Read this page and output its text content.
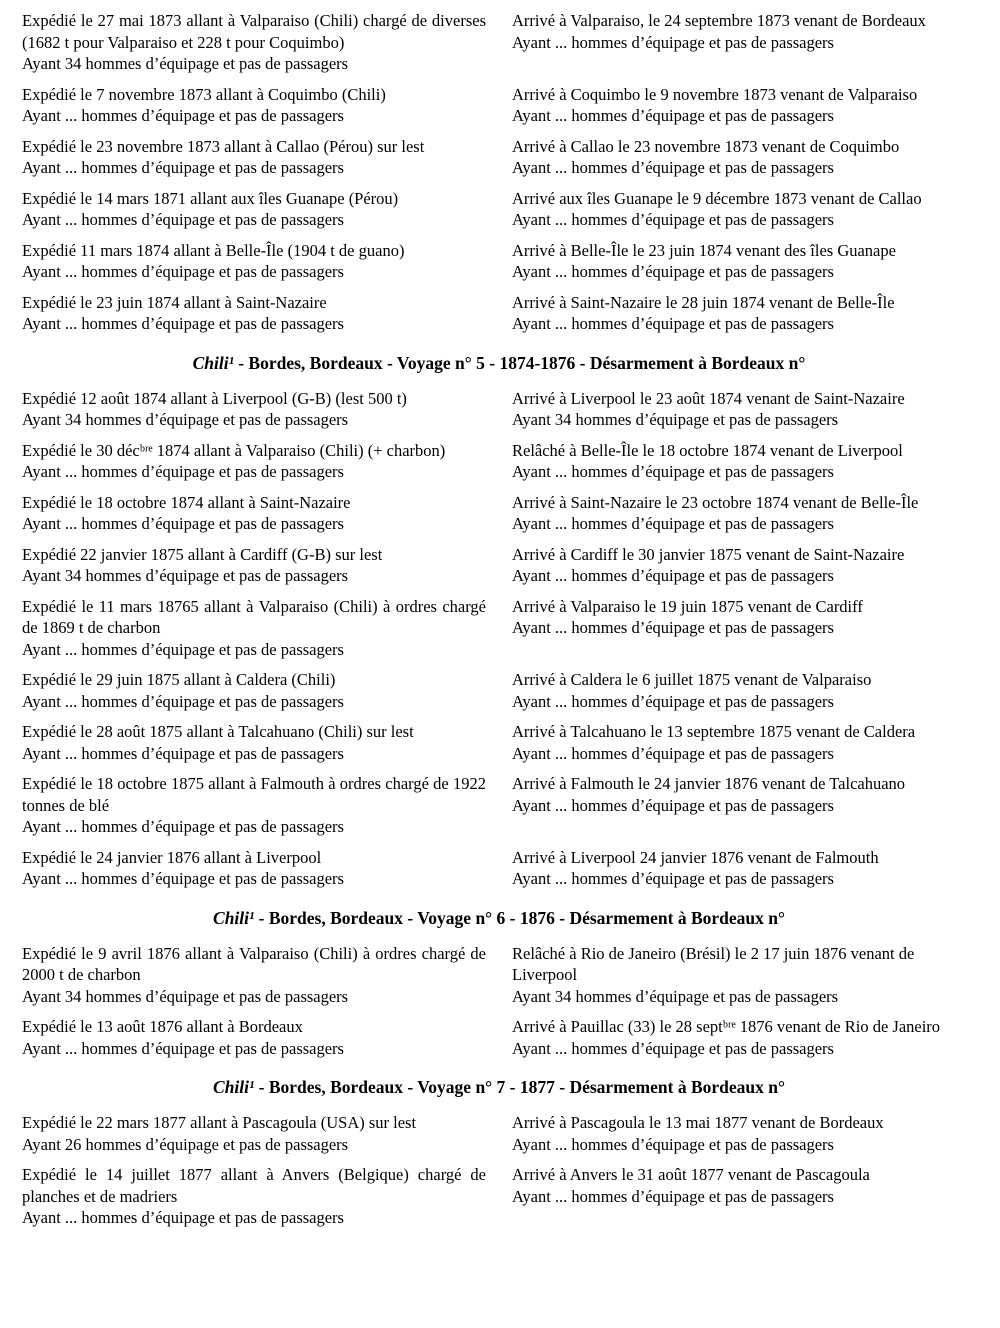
Expédié le 27 mai 1873 allant à Valparaiso (Chili) chargé de diverses (1682 t pour Valparaiso et 228 t pour Coquimbo)

Ayant 34 hommes d’équipage et pas de passagers

Arrivé à Valparaiso, le 24 septembre 1873 venant de Bordeaux

Ayant ... hommes d’équipage et pas de passagers

Expédié le 7 novembre 1873 allant à Coquimbo (Chili)

Ayant ... hommes d’équipage et pas de passagers

Arrivé à Coquimbo le 9 novembre 1873 venant de Valparaiso

Ayant ... hommes d’équipage et pas de passagers

Expédié le 23 novembre 1873 allant à Callao (Pérou) sur lest

Ayant ... hommes d’équipage et pas de passagers

Arrivé à Callao le 23 novembre 1873 venant de Coquimbo

Ayant ... hommes d’équipage et pas de passagers

Expédié le 14 mars 1871 allant aux îles Guanape (Pérou)

Ayant ... hommes d’équipage et pas de passagers

Arrivé aux îles Guanape le 9 décembre 1873 venant de Callao

Ayant ... hommes d’équipage et pas de passagers

Expédié 11 mars 1874 allant à Belle-Île (1904 t de guano)

Ayant ... hommes d’équipage et pas de passagers

Arrivé à Belle-Île le 23 juin 1874 venant des îles Guanape

Ayant ... hommes d’équipage et pas de passagers

Expédié le 23 juin 1874 allant à Saint-Nazaire

Ayant ... hommes d’équipage et pas de passagers

Arrivé à Saint-Nazaire le 28 juin 1874 venant de Belle-Île

Ayant ... hommes d’équipage et pas de passagers

Chili¹ - Bordes, Bordeaux - Voyage n° 5 - 1874-1876 - Désarmement à Bordeaux n°

Expédié 12 août 1874 allant à Liverpool (G-B) (lest 500 t)

Ayant 34 hommes d’équipage et pas de passagers

Arrivé à Liverpool le 23 août 1874 venant de Saint-Nazaire

Ayant 34 hommes d’équipage et pas de passagers

Expédié le 30 décᵇʳᵉ 1874 allant à Valparaiso (Chili) (+ charbon)

Ayant ... hommes d’équipage et pas de passagers

Relâché à Belle-Île le 18 octobre 1874 venant de Liverpool

Ayant ... hommes d’équipage et pas de passagers

Expédié le 18 octobre 1874 allant à Saint-Nazaire

Ayant ... hommes d’équipage et pas de passagers

Arrivé à Saint-Nazaire le 23 octobre 1874 venant de Belle-Île

Ayant ... hommes d’équipage et pas de passagers

Expédié 22 janvier 1875 allant à Cardiff (G-B) sur lest

Ayant 34 hommes d’équipage et pas de passagers

Arrivé à Cardiff le 30 janvier 1875 venant de Saint-Nazaire

Ayant ... hommes d’équipage et pas de passagers

Expédié le 11 mars 18765 allant à Valparaiso (Chili) à ordres chargé de 1869 t de charbon

Ayant ... hommes d’équipage et pas de passagers

Arrivé à Valparaiso le 19 juin 1875 venant de Cardiff

Ayant ... hommes d’équipage et pas de passagers

Expédié le 29 juin 1875 allant à Caldera (Chili)

Ayant ... hommes d’équipage et pas de passagers

Arrivé à Caldera le 6 juillet 1875 venant de Valparaiso

Ayant ... hommes d’équipage et pas de passagers

Expédié le 28 août 1875 allant à Talcahuano (Chili) sur lest

Ayant ... hommes d’équipage et pas de passagers

Arrivé à Talcahuano le 13 septembre 1875 venant de Caldera

Ayant ... hommes d’équipage et pas de passagers

Expédié le 18 octobre 1875 allant à Falmouth à ordres chargé de 1922 tonnes de blé

Ayant ... hommes d’équipage et pas de passagers

Arrivé à Falmouth le 24 janvier 1876 venant de Talcahuano

Ayant ... hommes d’équipage et pas de passagers

Expédié le 24 janvier 1876 allant à Liverpool

Ayant ... hommes d’équipage et pas de passagers

Arrivé à Liverpool 24 janvier 1876 venant de Falmouth

Ayant ... hommes d’équipage et pas de passagers

Chili¹ - Bordes, Bordeaux - Voyage n° 6 - 1876 - Désarmement à Bordeaux n°

Expédié le 9 avril 1876 allant à Valparaiso (Chili) à ordres chargé de 2000 t de charbon

Ayant 34 hommes d’équipage et pas de passagers

Relâché à Rio de Janeiro (Brésil) le 2 17 juin 1876 venant de Liverpool

Ayant 34 hommes d’équipage et pas de passagers

Expédié le 13 août 1876 allant à Bordeaux

Ayant ... hommes d’équipage et pas de passagers

Arrivé à Pauillac (33) le 28 septᵇʳᵉ 1876 venant de Rio de Janeiro

Ayant ... hommes d’équipage et pas de passagers

Chili¹ - Bordes, Bordeaux - Voyage n° 7 - 1877 - Désarmement à Bordeaux n°

Expédié le 22 mars 1877 allant à Pascagoula (USA) sur lest

Ayant 26 hommes d’équipage et pas de passagers

Arrivé à Pascagoula le 13 mai 1877 venant de Bordeaux

Ayant ... hommes d’équipage et pas de passagers

Expédié le 14 juillet 1877 allant à Anvers (Belgique) chargé de planches et de madriers

Ayant ... hommes d’équipage et pas de passagers

Arrivé à Anvers le 31 août 1877 venant de Pascagoula

Ayant ... hommes d’équipage et pas de passagers
